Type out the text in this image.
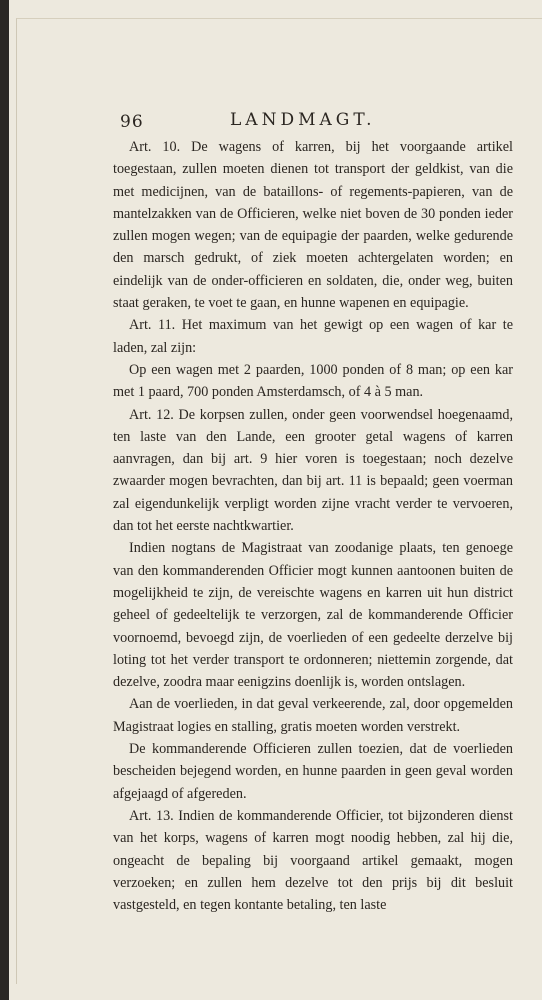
96	LANDMAGT.

Art. 10. De wagens of karren, bij het voorgaande artikel toegestaan, zullen moeten dienen tot transport der geldkist, van die met medicijnen, van de bataillons- of regements-papieren, van de mantelzakken van de Officieren, welke niet boven de 30 ponden ieder zullen mogen wegen; van de equipagie der paarden, welke gedurende den marsch gedrukt, of ziek moeten achtergelaten worden; en eindelijk van de onder-officieren en soldaten, die, onder weg, buiten staat geraken, te voet te gaan, en hunne wapenen en equipagie.

Art. 11. Het maximum van het gewigt op een wagen of kar te laden, zal zijn:

Op een wagen met 2 paarden, 1000 ponden of 8 man; op een kar met 1 paard, 700 ponden Amsterdamsch, of 4 à 5 man.

Art. 12. De korpsen zullen, onder geen voorwendsel hoegenaamd, ten laste van den Lande, een grooter getal wagens of karren aanvragen, dan bij art. 9 hier voren is toegestaan; noch dezelve zwaarder mogen bevrachten, dan bij art. 11 is bepaald; geen voerman zal eigendunkelijk verpligt worden zijne vracht verder te vervoeren, dan tot het eerste nachtkwartier.

Indien nogtans de Magistraat van zoodanige plaats, ten genoege van den kommanderenden Officier mogt kunnen aantoonen buiten de mogelijkheid te zijn, de vereischte wagens en karren uit hun district geheel of gedeeltelijk te verzorgen, zal de kommanderende Officier voornoemd, bevoegd zijn, de voerlieden of een gedeelte derzelve bij loting tot het verder transport te ordonneren; niettemin zorgende, dat dezelve, zoodra maar eenigzins doenlijk is, worden ontslagen.

Aan de voerlieden, in dat geval verkeerende, zal, door opgemelden Magistraat logies en stalling, gratis moeten worden verstrekt.

De kommanderende Officieren zullen toezien, dat de voerlieden bescheiden bejegend worden, en hunne paarden in geen geval worden afgejaagd of afgereden.

Art. 13. Indien de kommanderende Officier, tot bijzonderen dienst van het korps, wagens of karren mogt noodig hebben, zal hij die, ongeacht de bepaling bij voorgaand artikel gemaakt, mogen verzoeken; en zullen hem dezelve tot den prijs bij dit besluit vastgesteld, en tegen kontante betaling, ten laste
